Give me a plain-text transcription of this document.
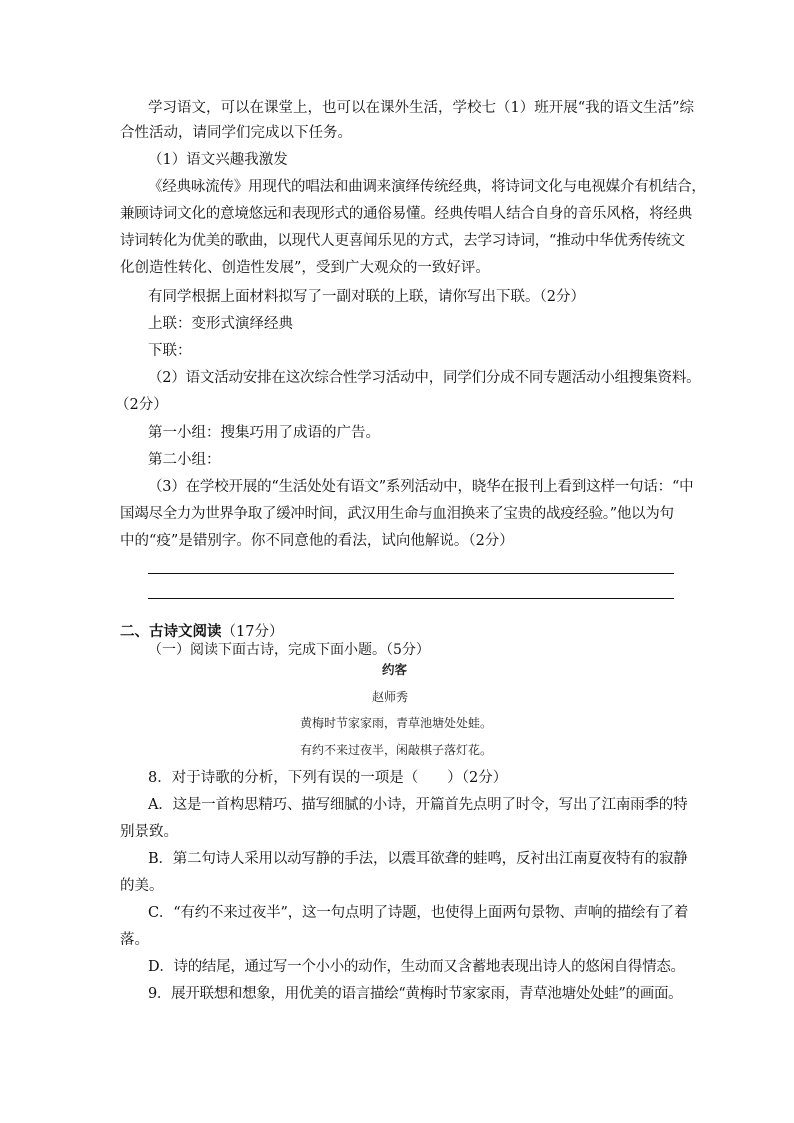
学习语文，可以在课堂上，也可以在课外生活，学校七（1）班开展“我的语文生活”综
合性活动，请同学们完成以下任务。
（1）语文兴趣我激发
《经典咏流传》用现代的唱法和曲调来演绎传统经典，将诗词文化与电视媒介有机结合，
兼顾诗词文化的意境悠远和表现形式的通俗易懂。经典传唱人结合自身的音乐风格，将经典
诗词转化为优美的歌曲，以现代人更喜闻乐见的方式，去学习诗词，“推动中华优秀传统文
化创造性转化、创造性发展”，受到广大观众的一致好评。
有同学根据上面材料拟写了一副对联的上联，请你写出下联。（2分）
上联：变形式演绎经典
下联：
（2）语文活动安排在这次综合性学习活动中，同学们分成不同专题活动小组搜集资料。
（2分）
第一小组：搜集巧用了成语的广告。
第二小组：
（3）在学校开展的“生活处处有语文”系列活动中，晓华在报刊上看到这样一句话：“中
国竭尽全力为世界争取了缓冲时间，武汉用生命与血泪换来了宝贵的战疫经验。”他以为句
中的“疫”是错别字。你不同意他的看法，试向他解说。（2分）
二、古诗文阅读（17分）
（一）阅读下面古诗，完成下面小题。（5分）
约客
赵师秀
黄梅时节家家雨，青草池塘处处蛙。
有约不来过夜半，闲敲棋子落灯花。
8．对于诗歌的分析，下列有误的一项是（　　）（2分）
A．这是一首构思精巧、描写细腻的小诗，开篇首先点明了时令，写出了江南雨季的特
别景致。
B．第二句诗人采用以动写静的手法，以震耳欲聋的蛙鸣，反衬出江南夏夜特有的寂静
的美。
C．“有约不来过夜半”，这一句点明了诗题，也使得上面两句景物、声响的描绘有了着
落。
D．诗的结尾，通过写一个小小的动作，生动而又含蓄地表现出诗人的悠闲自得情态。
9．展开联想和想象，用优美的语言描绘“黄梅时节家家雨，青草池塘处处蛙”的画面。
